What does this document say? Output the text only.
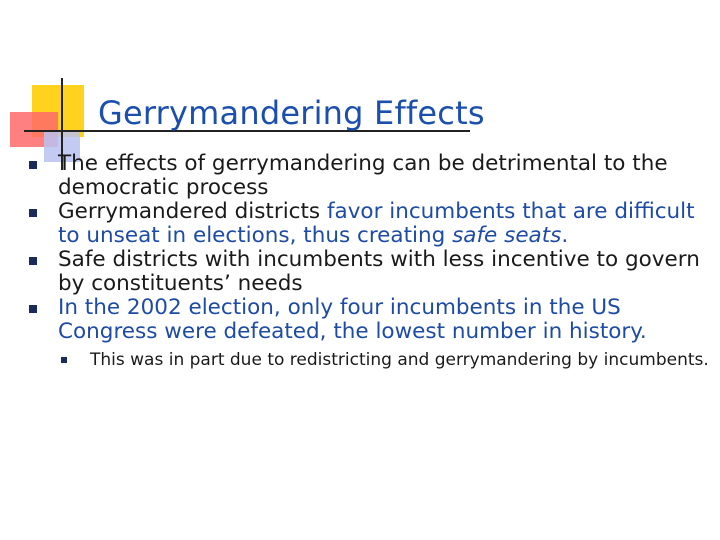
Gerrymandering Effects
The effects of gerrymandering can be detrimental to the democratic process
Gerrymandered districts favor incumbents that are difficult to unseat in elections, thus creating safe seats.
Safe districts with incumbents with less incentive to govern by constituents’ needs
In the 2002 election, only four incumbents in the US Congress were defeated, the lowest number in history.
This was in part due to redistricting and gerrymandering by incumbents.
